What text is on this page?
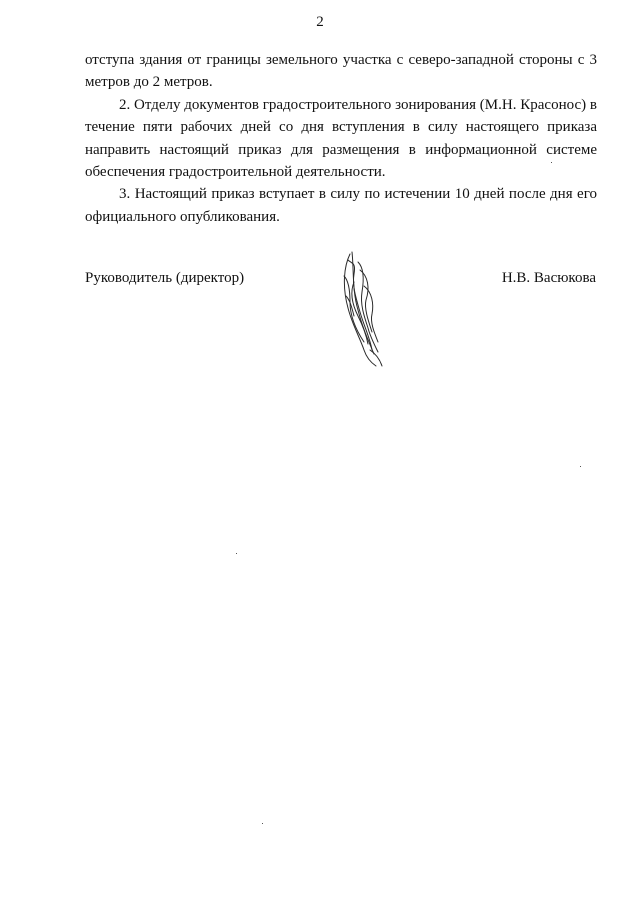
2

отступа здания от границы земельного участка с северо-западной стороны с 3 метров до 2 метров.

2. Отделу документов градостроительного зонирования (М.Н. Красонос) в течение пяти рабочих дней со дня вступления в силу настоящего приказа направить настоящий приказ для размещения в информационной системе обеспечения градостроительной деятельности.

3. Настоящий приказ вступает в силу по истечении 10 дней после дня его официального опубликования.

Руководитель (директор)	Н.В. Васюкова
